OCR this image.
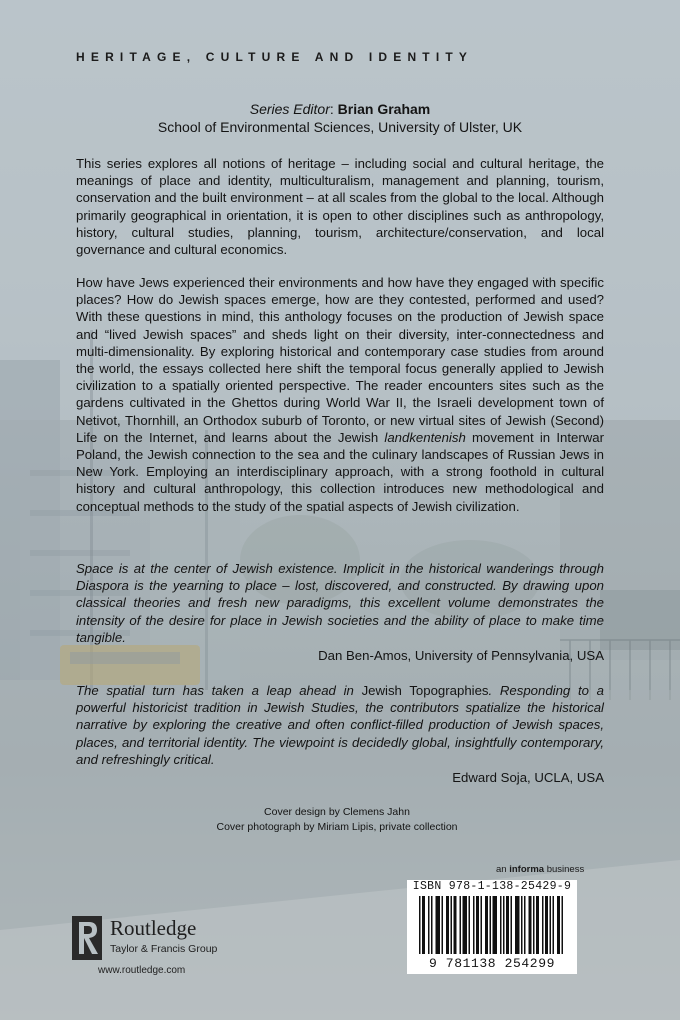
HERITAGE, CULTURE AND IDENTITY
Series Editor: Brian Graham
School of Environmental Sciences, University of Ulster, UK
This series explores all notions of heritage – including social and cultural heritage, the meanings of place and identity, multiculturalism, management and planning, tourism, conservation and the built environment – at all scales from the global to the local. Although primarily geographical in orientation, it is open to other disciplines such as anthropology, history, cultural studies, planning, tourism, architecture/conservation, and local governance and cultural economics.
How have Jews experienced their environments and how have they engaged with specific places? How do Jewish spaces emerge, how are they contested, performed and used? With these questions in mind, this anthology focuses on the production of Jewish space and “lived Jewish spaces” and sheds light on their diversity, inter-connectedness and multi-dimensionality. By exploring historical and contemporary case studies from around the world, the essays collected here shift the temporal focus generally applied to Jewish civilization to a spatially oriented perspective. The reader encounters sites such as the gardens cultivated in the Ghettos during World War II, the Israeli development town of Netivot, Thornhill, an Orthodox suburb of Toronto, or new virtual sites of Jewish (Second) Life on the Internet, and learns about the Jewish landkentenish movement in Interwar Poland, the Jewish connection to the sea and the culinary landscapes of Russian Jews in New York. Employing an interdisciplinary approach, with a strong foothold in cultural history and cultural anthropology, this collection introduces new methodological and conceptual methods to the study of the spatial aspects of Jewish civilization.
Space is at the center of Jewish existence. Implicit in the historical wanderings through Diaspora is the yearning to place – lost, discovered, and constructed. By drawing upon classical theories and fresh new paradigms, this excellent volume demonstrates the intensity of the desire for place in Jewish societies and the ability of place to make time tangible.
Dan Ben-Amos, University of Pennsylvania, USA
The spatial turn has taken a leap ahead in Jewish Topographies. Responding to a powerful historicist tradition in Jewish Studies, the contributors spatialize the historical narrative by exploring the creative and often conflict-filled production of Jewish spaces, places, and territorial identity. The viewpoint is decidedly global, insightfully contemporary, and refreshingly critical.
Edward Soja, UCLA, USA
Cover design by Clemens Jahn
Cover photograph by Miriam Lipis, private collection
an informa business
ISBN 978-1-138-25429-9
9 781138 254299
Routledge
Taylor & Francis Group
www.routledge.com
